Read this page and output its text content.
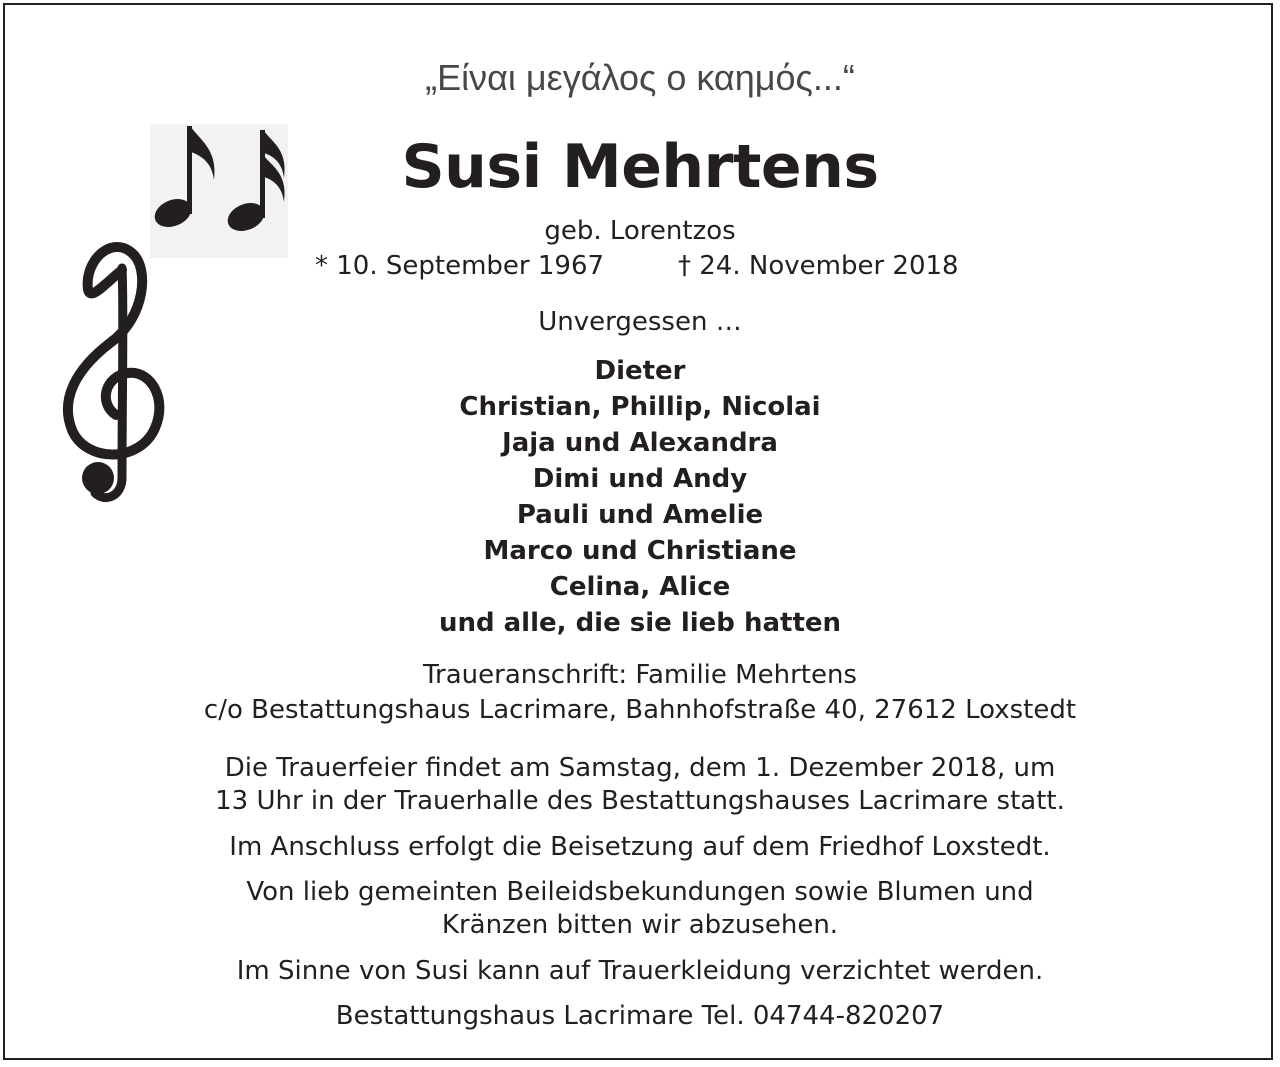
„Είναι μεγάλος ο καημός...“
Susi Mehrtens
geb. Lorentzos
* 10. September 1967	† 24. November 2018
Unvergessen …
Dieter
Christian, Phillip, Nicolai
Jaja und Alexandra
Dimi und Andy
Pauli und Amelie
Marco und Christiane
Celina, Alice
und alle, die sie lieb hatten
Traueranschrift: Familie Mehrtens
c/o Bestattungshaus Lacrimare, Bahnhofstraße 40, 27612 Loxstedt
Die Trauerfeier findet am Samstag, dem 1. Dezember 2018, um
13 Uhr in der Trauerhalle des Bestattungshauses Lacrimare statt.
Im Anschluss erfolgt die Beisetzung auf dem Friedhof Loxstedt.
Von lieb gemeinten Beileidsbekundungen sowie Blumen und
Kränzen bitten wir abzusehen.
Im Sinne von Susi kann auf Trauerkleidung verzichtet werden.
Bestattungshaus Lacrimare Tel. 04744-820207
